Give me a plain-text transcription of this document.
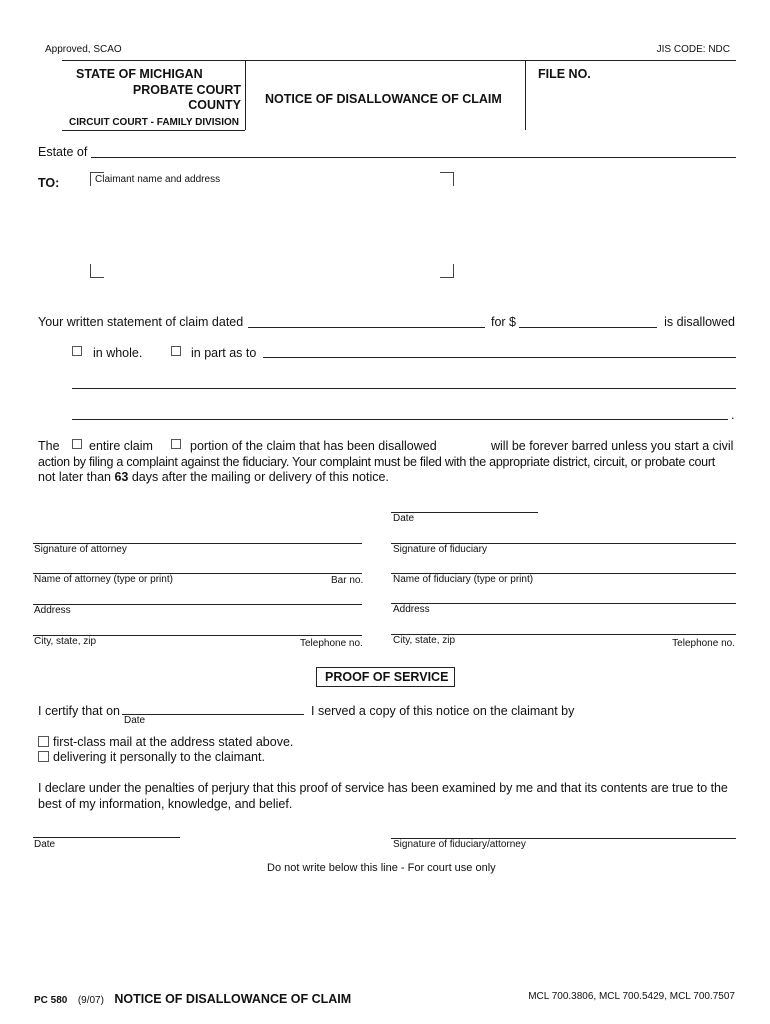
Approved, SCAO	JIS CODE: NDC
STATE OF MICHIGAN
PROBATE COURT
COUNTY
CIRCUIT COURT - FAMILY DIVISION
NOTICE OF DISALLOWANCE OF CLAIM
FILE NO.
Estate of
TO:	Claimant name and address
Your written statement of claim dated	for $	is disallowed
in whole.	in part as to
.
The entire claim	portion of the claim that has been disallowed	will be forever barred unless you start a civil
action by filing a complaint against the fiduciary. Your complaint must be filed with the appropriate district, circuit, or probate court
not later than 63 days after the mailing or delivery of this notice.
Date
Signature of attorney	Signature of fiduciary
Name of attorney (type or print)	Bar no.	Name of fiduciary (type or print)
Address	Address
City, state, zip	Telephone no.	City, state, zip	Telephone no.
PROOF OF SERVICE
I certify that on
Date
I served a copy of this notice on the claimant by
first-class mail at the address stated above.
delivering it personally to the claimant.
I declare under the penalties of perjury that this proof of service has been examined by me and that its contents are true to the
best of my information, knowledge, and belief.
Date	Signature of fiduciary/attorney
Do not write below this line - For court use only
PC 580 (9/07) NOTICE OF DISALLOWANCE OF CLAIM	MCL 700.3806, MCL 700.5429, MCL 700.7507
